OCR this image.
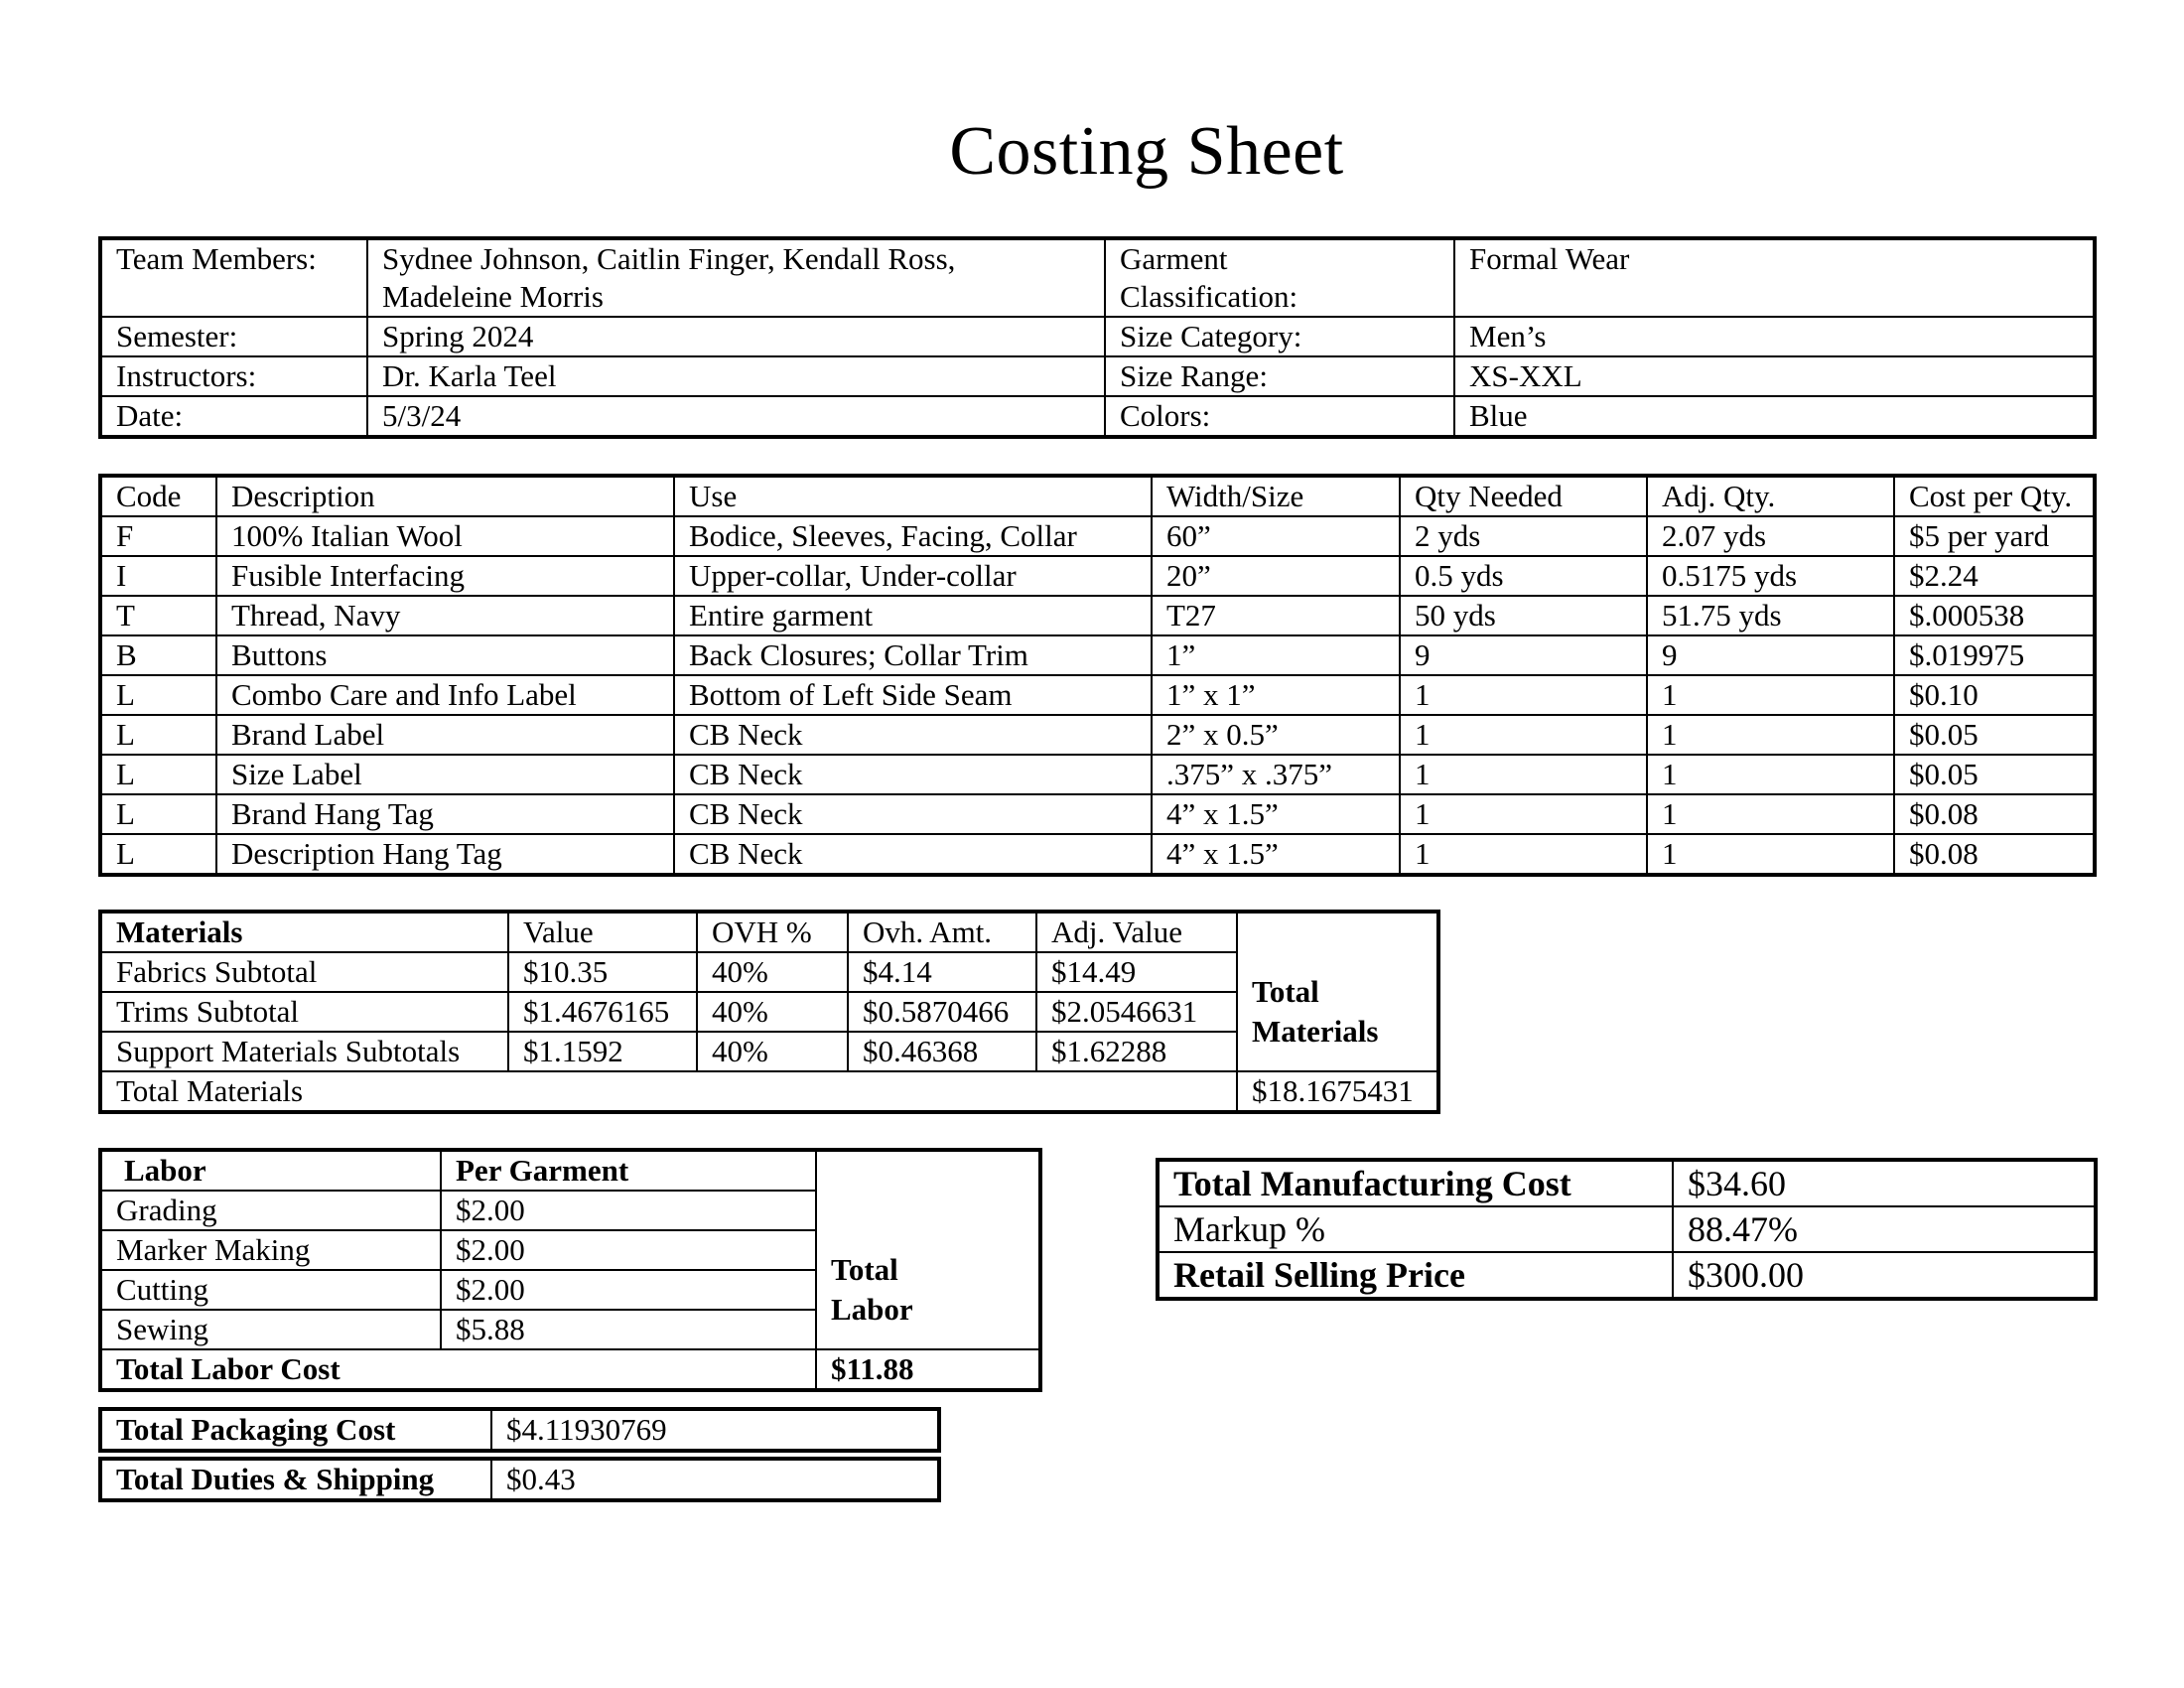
Costing Sheet
Team Members:	Sydnee Johnson, Caitlin Finger, Kendall Ross, Madeleine Morris	Garment Classification:	Formal Wear
Semester:	Spring 2024	Size Category:	Men’s
Instructors:	Dr. Karla Teel	Size Range:	XS-XXL
Date:	5/3/24	Colors:	Blue
Code	Description	Use	Width/Size	Qty Needed	Adj. Qty.	Cost per Qty.
F	100% Italian Wool	Bodice, Sleeves, Facing, Collar	60”	2 yds	2.07 yds	$5 per yard
I	Fusible Interfacing	Upper-collar, Under-collar	20”	0.5 yds	0.5175 yds	$2.24
T	Thread, Navy	Entire garment	T27	50 yds	51.75 yds	$.000538
B	Buttons	Back Closures; Collar Trim	1”	9	9	$.019975
L	Combo Care and Info Label	Bottom of Left Side Seam	1” x 1”	1	1	$0.10
L	Brand Label	CB Neck	2” x 0.5”	1	1	$0.05
L	Size Label	CB Neck	.375” x .375”	1	1	$0.05
L	Brand Hang Tag	CB Neck	4” x 1.5”	1	1	$0.08
L	Description Hang Tag	CB Neck	4” x 1.5”	1	1	$0.08
Materials	Value	OVH %	Ovh. Amt.	Adj. Value	Total Materials
Fabrics Subtotal	$10.35	40%	$4.14	$14.49	
Trims Subtotal	$1.4676165	40%	$0.5870466	$2.0546631	
Support Materials Subtotals	$1.1592	40%	$0.46368	$1.62288	
Total Materials					$18.1675431
Labor	Per Garment	Total Labor
Grading	$2.00	
Marker Making	$2.00	
Cutting	$2.00	
Sewing	$5.88	
Total Labor Cost		$11.88
Total Packaging Cost	$4.11930769
Total Duties & Shipping	$0.43
Total Manufacturing Cost	$34.60
Markup %	88.47%
Retail Selling Price	$300.00
